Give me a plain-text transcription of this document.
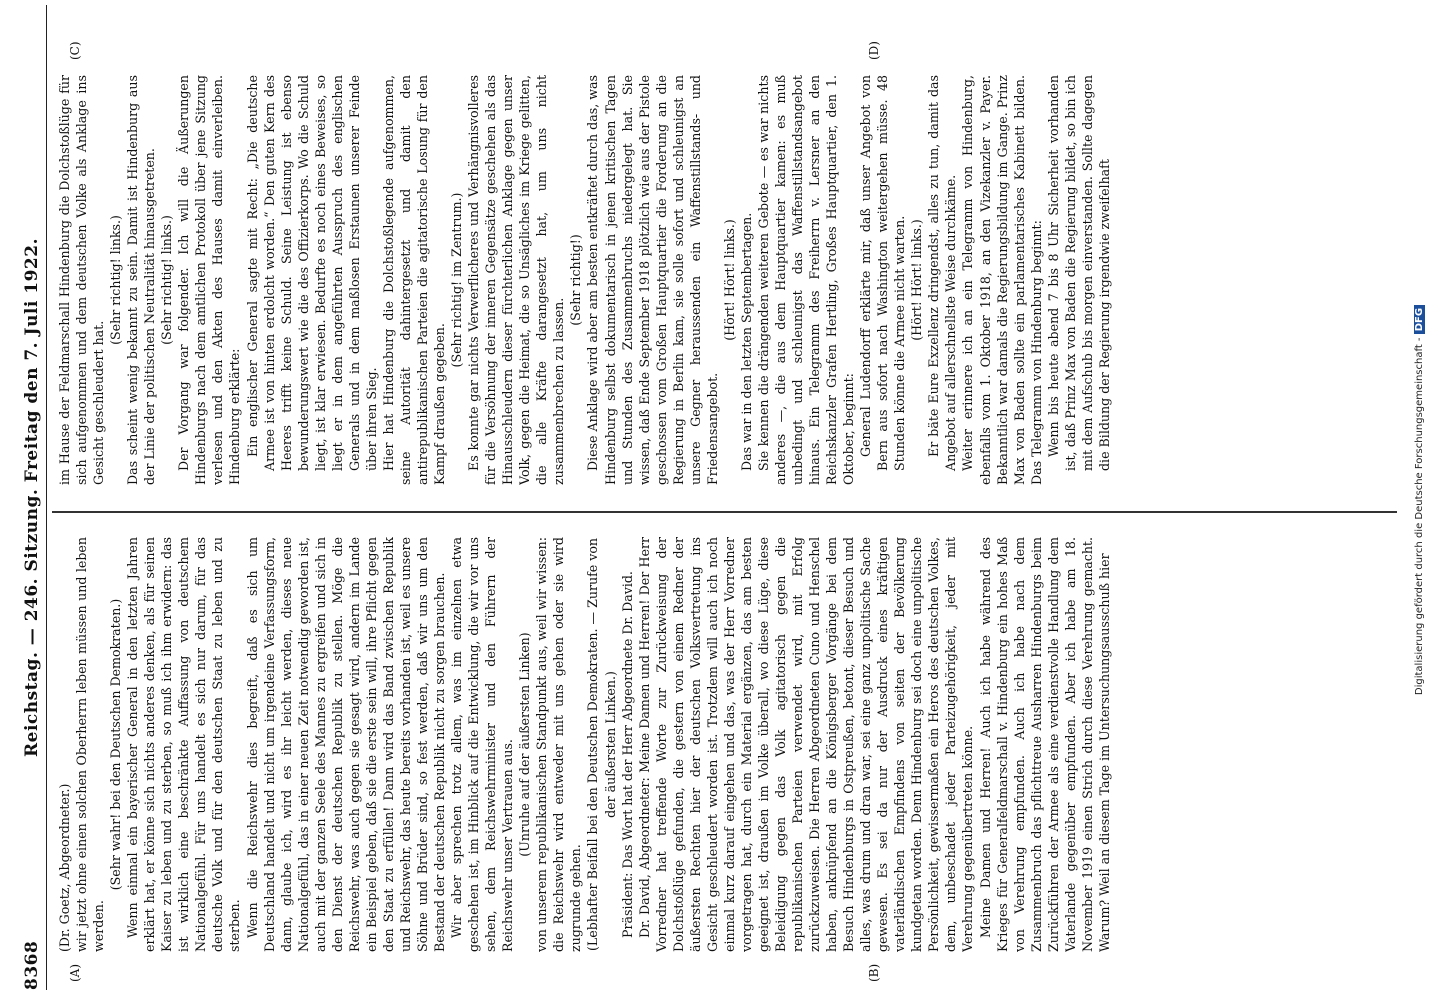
8368
Reichstag. — 246. Sitzung. Freitag den 7. Juli 1922.
(A)	(B)
(C)	(D)

(Dr. Goetz, Abgeordneter.) wir jetzt ohne einen solchen Oberherrn leben müssen und leben werden.

(Sehr wahr! bei den Deutschen Demokraten.) Wenn einmal ein bayerischer General in den letzten Jahren erklärt hat, er könne sich nichts anderes denken, als für seinen Kaiser zu leben und zu sterben, so muß ich ihm erwidern: das ist wirklich eine beschränkte Auffassung von deutschem Nationalgefühl. Für uns handelt es sich nur darum, für das deutsche Volk und für den deutschen Staat zu leben und zu sterben. Wenn die Reichswehr dies begreift, daß es sich um Deutschland handelt und nicht um irgendeine Verfassungsform, dann, glaube ich, wird es ihr leicht werden, dieses neue Nationalgefühl, das in einer neuen Zeit notwendig geworden ist, auch mit der ganzen Seele des Mannes zu ergreifen und sich in den Dienst der deutschen Republik zu stellen. Möge die Reichswehr, was auch gegen sie gesagt wird, andern im Lande ein Beispiel geben, daß sie die erste sein will, ihre Pflicht gegen den Staat zu erfüllen! Dann wird das Band zwischen Republik und Reichswehr, das heute bereits vorhanden ist, weil es unsere Söhne und Brüder sind, so fest werden, daß wir uns um den Bestand der deutschen Republik nicht zu sorgen brauchen. Wir aber sprechen trotz allem, was im einzelnen etwa geschehen ist, im Hinblick auf die Entwicklung, die wir vor uns sehen, dem Reichswehrminister und den Führern der Reichswehr unser Vertrauen aus. (Unruhe auf der äußersten Linken) von unserem republikanischen Standpunkt aus, weil wir wissen: die Reichswehr wird entweder mit uns gehen oder sie wird zugrunde gehen. (Lebhafter Beifall bei den Deutschen Demokraten. — Zurufe von der äußersten Linken.) Präsident: Das Wort hat der Herr Abgeordnete Dr. David. Dr. David, Abgeordneter: Meine Damen und Herren! Der Herr Vorredner hat treffende Worte zur Zurückweisung der Dolchstoßlüge gefunden, die gestern von einem Redner der äußersten Rechten hier der deutschen Volksvertretung ins Gesicht geschleudert worden ist. Trotzdem will auch ich noch einmal kurz darauf eingehen und das, was der Herr Vorredner vorgetragen hat, durch ein Material ergänzen, das am besten geeignet ist, draußen im Volke überall, wo diese Lüge, diese Beleidigung gegen das Volk agitatorisch gegen die republikanischen Parteien verwendet wird, mit Erfolg zurückzuweisen. Die Herren Abgeordneten Cuno und Henschel haben, anknüpfend an die Königsberger Vorgänge bei dem Besuch Hindenburgs in Ostpreußen, betont, dieser Besuch und alles, was drum und dran war, sei eine ganz unpolitische Sache gewesen. Es sei da nur der Ausdruck eines kräftigen vaterländischen Empfindens von seiten der Bevölkerung kundgetan worden. Denn Hindenburg sei doch eine unpolitische Persönlichkeit, gewissermaßen ein Heros des deutschen Volkes, dem, unbeschadet jeder Parteizugehörigkeit, jeder mit Verehrung gegenübertreten könne. Meine Damen und Herren! Auch ich habe während des Krieges für Generalfeldmarschall v. Hindenburg ein hohes Maß von Verehrung empfunden. Auch ich habe nach dem Zusammenbruch das pflichttreue Ausharren Hindenburgs beim Zurückführen der Armee als eine verdienstvolle Handlung dem Vaterlande gegenüber empfunden. Aber ich habe am 18. November 1919 einen Strich durch diese Verehrung gemacht. Warum? Weil an diesem Tage im Untersuchungsausschuß hier

im Hause der Feldmarschall Hindenburg die Dolchstoßlüge für sich aufgenommen und dem deutschen Volke als Anklage ins Gesicht geschleudert hat.

(Sehr richtig! links.) Das scheint wenig bekannt zu sein. Damit ist Hindenburg aus der Linie der politischen Neutralität hinausgetreten. (Sehr richtig! links.) Der Vorgang war folgender. Ich will die Äußerungen Hindenburgs nach dem amtlichen Protokoll über jene Sitzung verlesen und den Akten des Hauses damit einverleiben. Hindenburg erklärte: Ein englischer General sagte mit Recht: „Die deutsche Armee ist von hinten erdolcht worden.“ Den guten Kern des Heeres trifft keine Schuld. Seine Leistung ist ebenso bewunderungswert wie die des Offizierkorps. Wo die Schuld liegt, ist klar erwiesen. Bedurfte es noch eines Beweises, so liegt er in dem angeführten Ausspruch des englischen Generals und in dem maßlosen Erstaunen unserer Feinde über ihren Sieg. Hier hat Hindenburg die Dolchstoßlegende aufgenommen, seine Autorität dahintergesetzt und damit den antirepublikanischen Parteien die agitatorische Losung für den Kampf draußen gegeben.

(Sehr richtig! im Zentrum.) Es konnte gar nichts Verwerflicheres und Verhängnisvolleres für die Versöhnung der inneren Gegensätze geschehen als das Hinausschleudern dieser fürchterlichen Anklage gegen unser Volk, gegen die Heimat, die so Unsägliches im Kriege gelitten, die alle Kräfte darangesetzt hat, um uns nicht zusammenbrechen zu lassen.

(Sehr richtig!) Diese Anklage wird aber am besten entkräftet durch das, was Hindenburg selbst dokumentarisch in jenen kritischen Tagen und Stunden des Zusammenbruchs niedergelegt hat. Sie wissen, daß Ende September 1918 plötzlich wie aus der Pistole geschossen vom Großen Hauptquartier die Forderung an die Regierung in Berlin kam, sie solle sofort und schleunigst an unsere Gegner heraussenden ein Waffenstillstands- und Friedensangebot.

(Hört! Hört! links.) Das war in den letzten Septembertagen. Sie kennen die drängenden weiteren Gebote — es war nichts anderes —, die aus dem Hauptquartier kamen: es muß unbedingt und schleunigst das Waffenstillstandsangebot hinaus. Ein Telegramm des Freiherrn v. Lersner an den Reichskanzler Grafen Hertling, Großes Hauptquartier, den 1. Oktober, beginnt: General Ludendorff erklärte mir, daß unser Angebot von Bern aus sofort nach Washington weitergehen müsse. 48 Stunden könne die Armee nicht warten. (Hört! Hört! links.) Er bäte Eure Exzellenz dringendst, alles zu tun, damit das Angebot auf allerschnellste Weise durchkäme. Weiter erinnere ich an ein Telegramm von Hindenburg, ebenfalls vom 1. Oktober 1918, an den Vizekanzler v. Payer. Bekanntlich war damals die Regierungsbildung im Gange. Prinz Max von Baden sollte ein parlamentarisches Kabinett bilden. Das Telegramm von Hindenburg beginnt: Wenn bis heute abend 7 bis 8 Uhr Sicherheit vorhanden ist, daß Prinz Max von Baden die Regierung bildet, so bin ich mit dem Aufschub bis morgen einverstanden. Sollte dagegen die Bildung der Regierung irgendwie zweifelhaft

Digitalisierung gefördert durch die Deutsche Forschungsgemeinschaft - DFG
